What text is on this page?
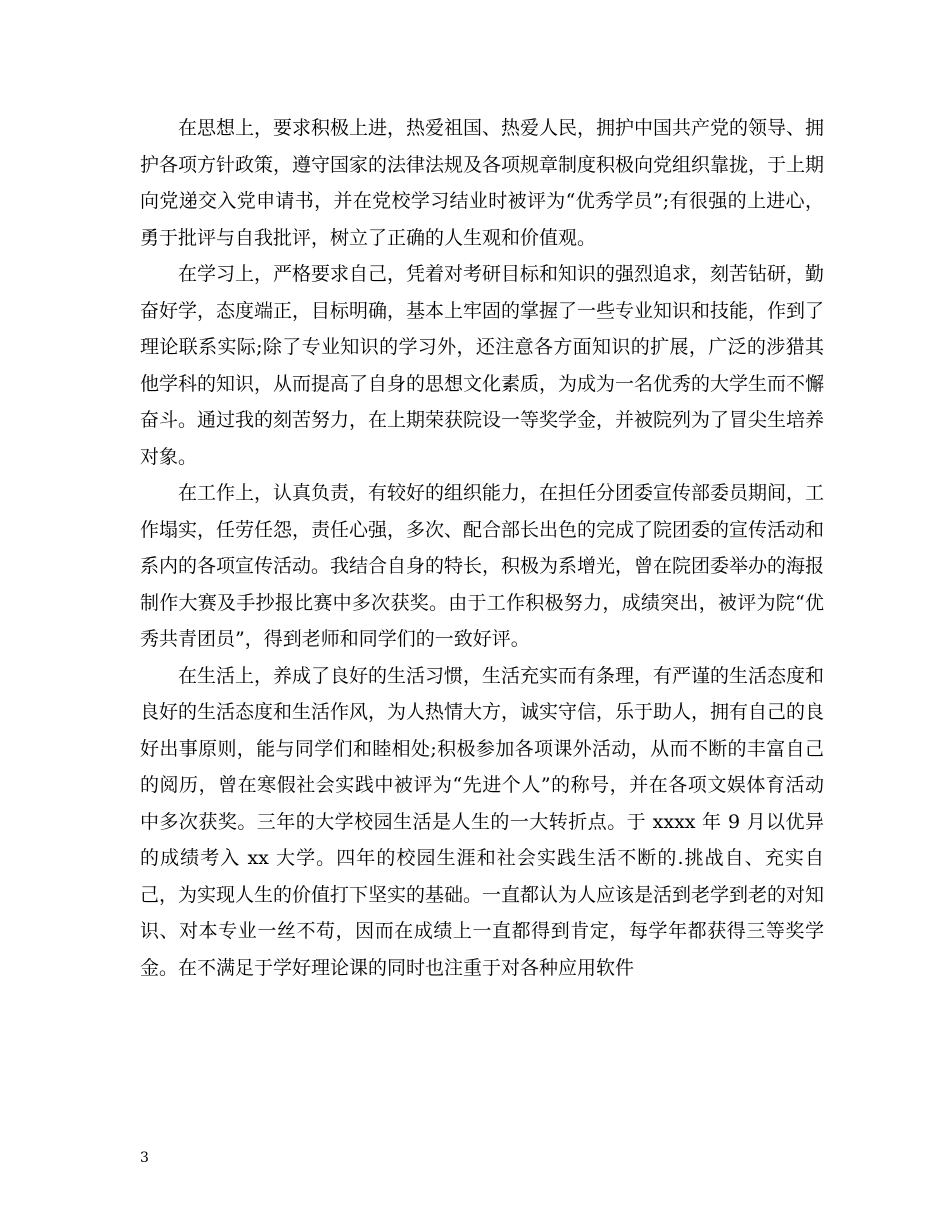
在思想上，要求积极上进，热爱祖国、热爱人民，拥护中国共产党的领导、拥护各项方针政策，遵守国家的法律法规及各项规章制度积极向党组织靠拢，于上期向党递交入党申请书，并在党校学习结业时被评为“优秀学员”;有很强的上进心，勇于批评与自我批评，树立了正确的人生观和价值观。

在学习上，严格要求自己，凭着对考研目标和知识的强烈追求，刻苦钻研，勤奋好学，态度端正，目标明确，基本上牢固的掌握了一些专业知识和技能，作到了理论联系实际;除了专业知识的学习外，还注意各方面知识的扩展，广泛的涉猎其他学科的知识，从而提高了自身的思想文化素质，为成为一名优秀的大学生而不懈奋斗。通过我的刻苦努力，在上期荣获院设一等奖学金，并被院列为了冒尖生培养对象。

在工作上，认真负责，有较好的组织能力，在担任分团委宣传部委员期间，工作塌实，任劳任怨，责任心强，多次、配合部长出色的完成了院团委的宣传活动和系内的各项宣传活动。我结合自身的特长，积极为系增光，曾在院团委举办的海报制作大赛及手抄报比赛中多次获奖。由于工作积极努力，成绩突出，被评为院“优秀共青团员”，得到老师和同学们的一致好评。

在生活上，养成了良好的生活习惯，生活充实而有条理，有严谨的生活态度和良好的生活态度和生活作风，为人热情大方，诚实守信，乐于助人，拥有自己的良好出事原则，能与同学们和睦相处;积极参加各项课外活动，从而不断的丰富自己的阅历，曾在寒假社会实践中被评为“先进个人”的称号，并在各项文娱体育活动中多次获奖。三年的大学校园生活是人生的一大转折点。于 xxxx 年 9 月以优异的成绩考入 xx 大学。四年的校园生涯和社会实践生活不断的.挑战自、充实自己，为实现人生的价值打下坚实的基础。一直都认为人应该是活到老学到老的对知识、对本专业一丝不苟，因而在成绩上一直都得到肯定，每学年都获得三等奖学金。在不满足于学好理论课的同时也注重于对各种应用软件

3
